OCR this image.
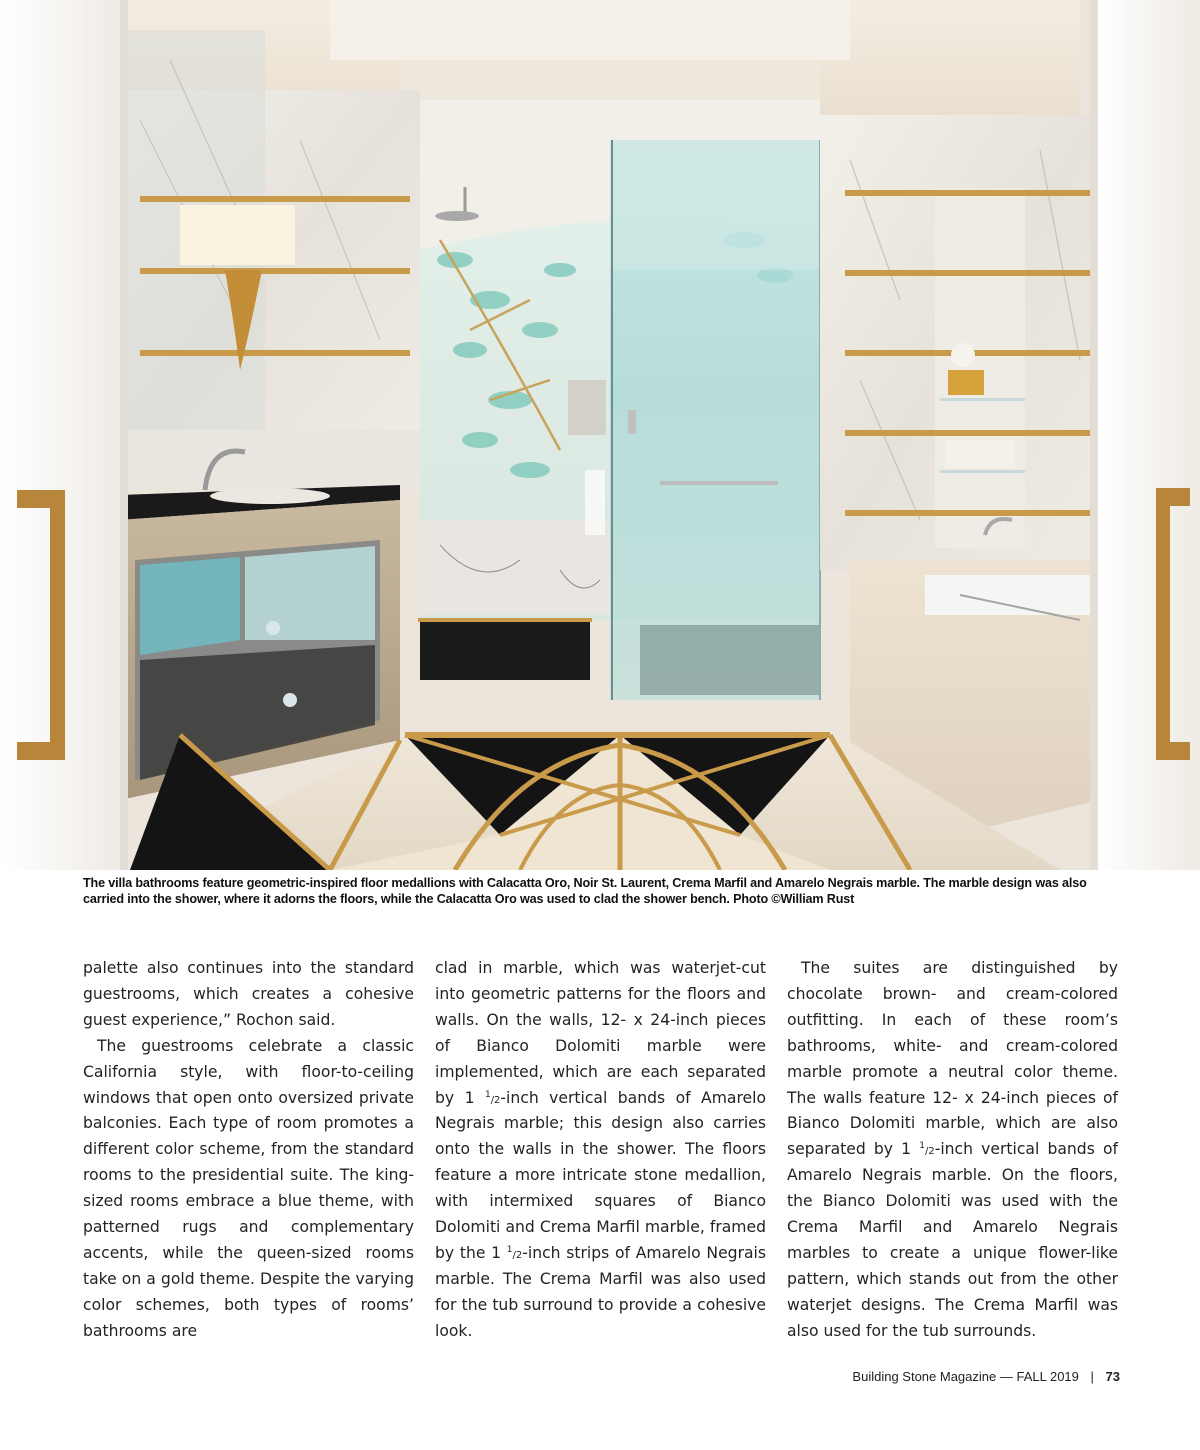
The villa bathrooms feature geometric-inspired floor medallions with Calacatta Oro, Noir St. Laurent, Crema Marfil and Amarelo Negrais marble. The marble design was also carried into the shower, where it adorns the floors, while the Calacatta Oro was used to clad the shower bench. Photo ©William Rust

palette also continues into the standard guestrooms, which creates a cohesive guest experience,” Rochon said.

The guestrooms celebrate a classic California style, with floor-to-ceiling windows that open onto oversized private balconies. Each type of room promotes a different color scheme, from the standard rooms to the presidential suite. The king-sized rooms embrace a blue theme, with patterned rugs and complementary accents, while the queen-sized rooms take on a gold theme. Despite the varying color schemes, both types of rooms’ bathrooms are

clad in marble, which was waterjet-cut into geometric patterns for the floors and walls. On the walls, 12- x 24-inch pieces of Bianco Dolomiti marble were implemented, which are each separated by 1 $^1$/2-inch vertical bands of Amarelo Negrais marble; this design also carries onto the walls in the shower. The floors feature a more intricate stone medallion, with intermixed squares of Bianco Dolomiti and Crema Marfil marble, framed by the 1 $^1$/2-inch strips of Amarelo Negrais marble. The Crema Marfil was also used for the tub surround to provide a cohesive look.

The suites are distinguished by chocolate brown- and cream-colored outfitting. In each of these room’s bathrooms, white- and cream-colored marble promote a neutral color theme. The walls feature 12- x 24-inch pieces of Bianco Dolomiti marble, which are also separated by 1 $^1$/2-inch vertical bands of Amarelo Negrais marble. On the floors, the Bianco Dolomiti was used with the Crema Marfil and Amarelo Negrais marbles to create a unique flower-like pattern, which stands out from the other waterjet designs. The Crema Marfil was also used for the tub surrounds.

Building Stone Magazine — FALL 2019 | 73
